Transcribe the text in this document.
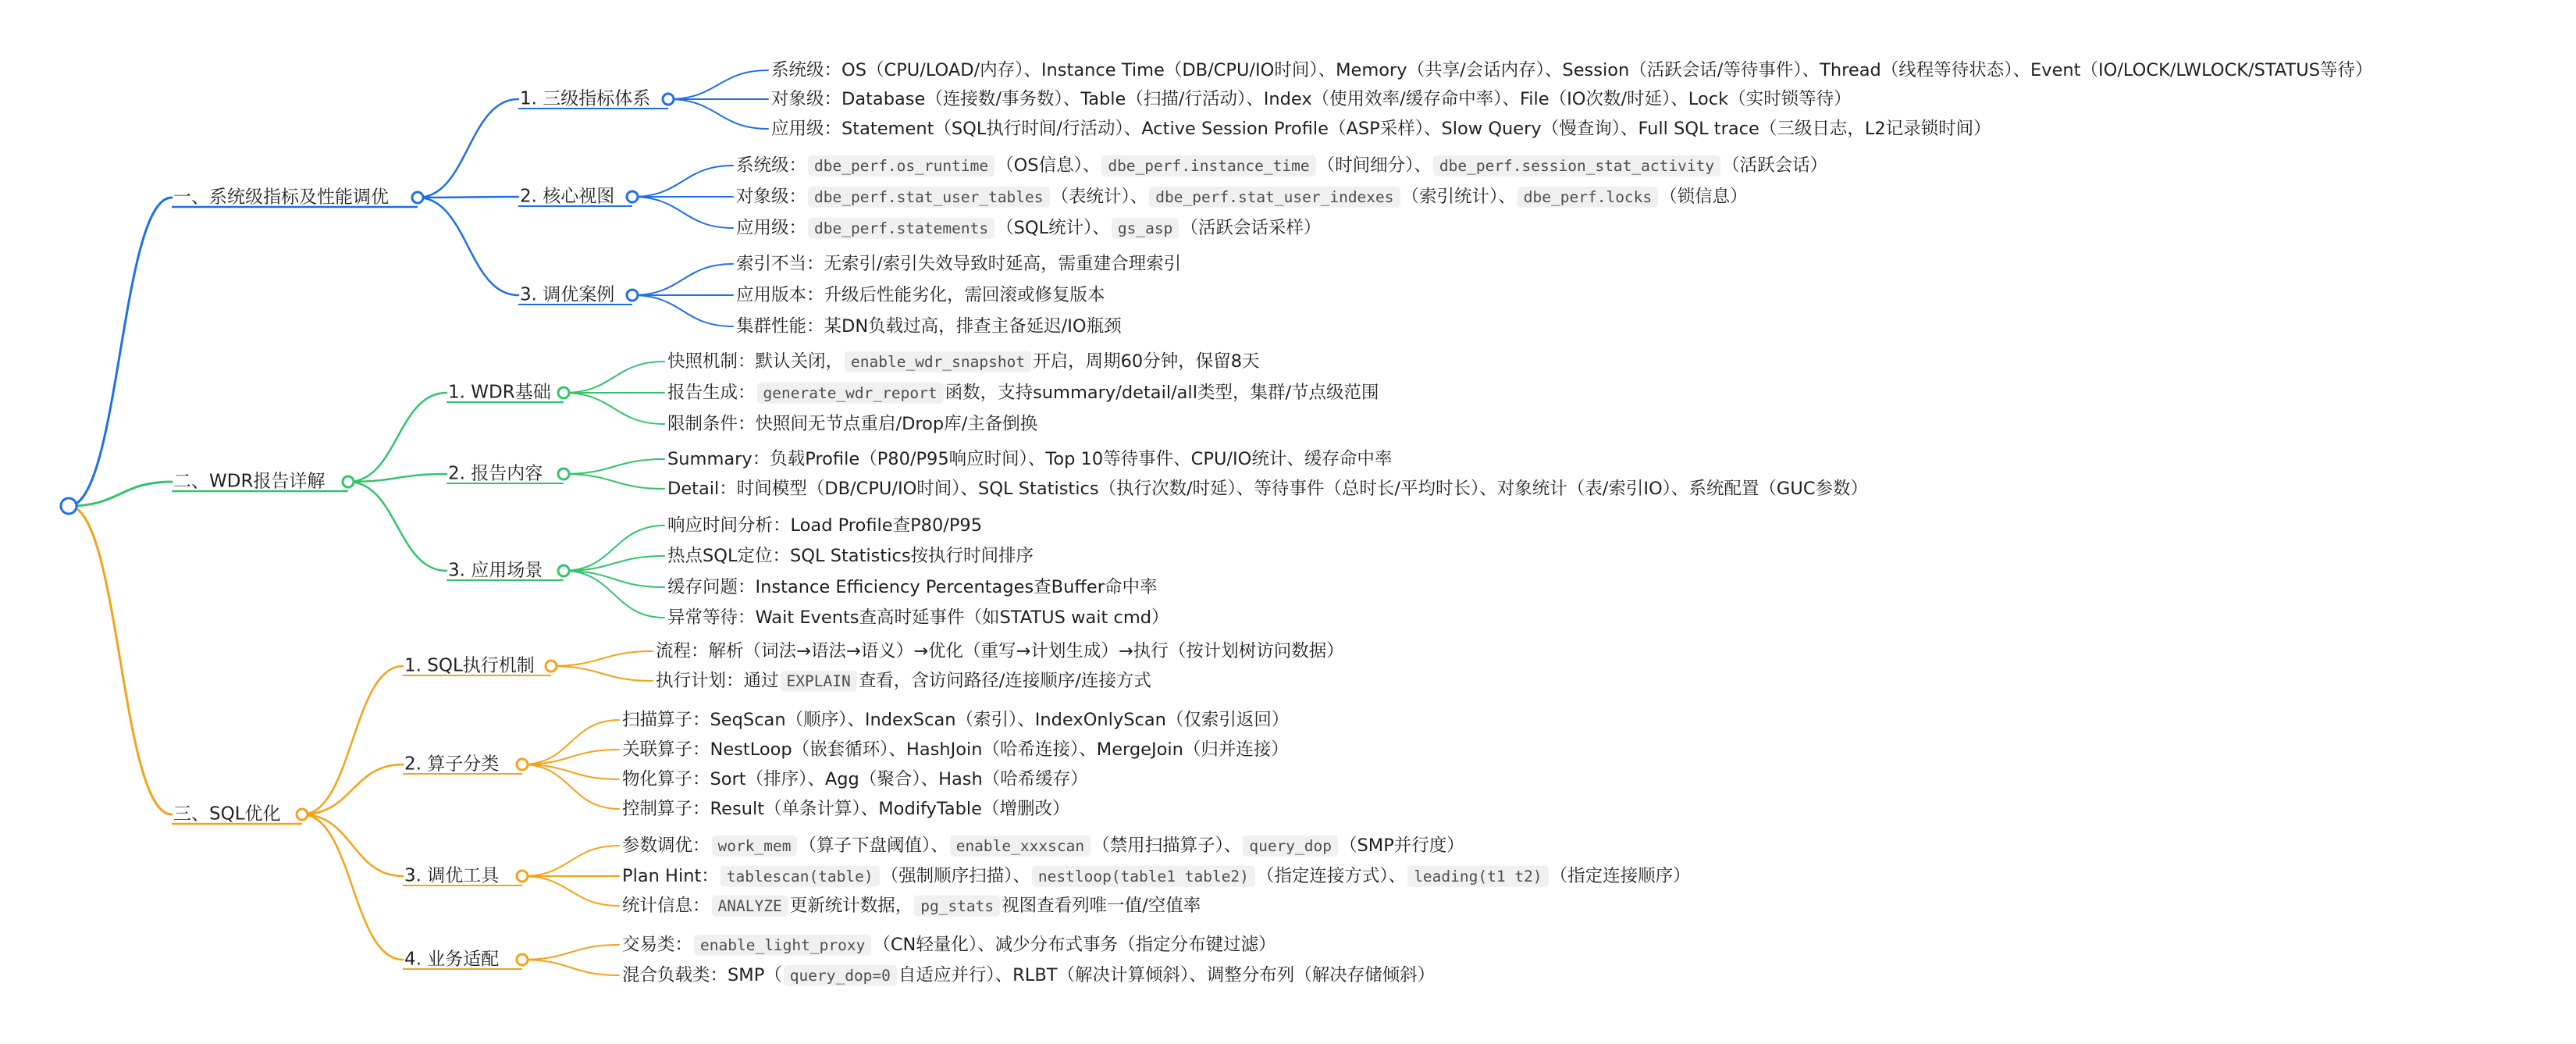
一、系统级指标及性能调优
1. 三级指标体系
系统级：OS（CPU/LOAD/内存）、Instance Time（DB/CPU/IO时间）、Memory（共享/会话内存）、Session（活跃会话/等待事件）、Thread（线程等待状态）、Event（IO/LOCK/LWLOCK/STATUS等待）
对象级：Database（连接数/事务数）、Table（扫描/行活动）、Index（使用效率/缓存命中率）、File（IO次数/时延）、Lock（实时锁等待）
应用级：Statement（SQL执行时间/行活动）、Active Session Profile（ASP采样）、Slow Query（慢查询）、Full SQL trace（三级日志，L2记录锁时间）
2. 核心视图
系统级： dbe_perf.os_runtime （OS信息）、 dbe_perf.instance_time （时间细分）、 dbe_perf.session_stat_activity （活跃会话）
对象级： dbe_perf.stat_user_tables （表统计）、 dbe_perf.stat_user_indexes （索引统计）、 dbe_perf.locks （锁信息）
应用级： dbe_perf.statements （SQL统计）、 gs_asp （活跃会话采样）
3. 调优案例
索引不当：无索引/索引失效导致时延高，需重建合理索引
应用版本：升级后性能劣化，需回滚或修复版本
集群性能：某DN负载过高，排查主备延迟/IO瓶颈
二、WDR报告详解
1. WDR基础
快照机制：默认关闭， enable_wdr_snapshot 开启，周期60分钟，保留8天
报告生成： generate_wdr_report 函数，支持summary/detail/all类型，集群/节点级范围
限制条件：快照间无节点重启/Drop库/主备倒换
2. 报告内容
Summary：负载Profile（P80/P95响应时间）、Top 10等待事件、CPU/IO统计、缓存命中率
Detail：时间模型（DB/CPU/IO时间）、SQL Statistics（执行次数/时延）、等待事件（总时长/平均时长）、对象统计（表/索引IO）、系统配置（GUC参数）
3. 应用场景
响应时间分析：Load Profile查P80/P95
热点SQL定位：SQL Statistics按执行时间排序
缓存问题：Instance Efficiency Percentages查Buffer命中率
异常等待：Wait Events查高时延事件（如STATUS wait cmd）
三、SQL优化
1. SQL执行机制
流程：解析（词法→语法→语义）→优化（重写→计划生成）→执行（按计划树访问数据）
执行计划：通过 EXPLAIN 查看，含访问路径/连接顺序/连接方式
2. 算子分类
扫描算子：SeqScan（顺序）、IndexScan（索引）、IndexOnlyScan（仅索引返回）
关联算子：NestLoop（嵌套循环）、HashJoin（哈希连接）、MergeJoin（归并连接）
物化算子：Sort（排序）、Agg（聚合）、Hash（哈希缓存）
控制算子：Result（单条计算）、ModifyTable（增删改）
3. 调优工具
参数调优： work_mem （算子下盘阈值）、 enable_xxxscan （禁用扫描算子）、 query_dop （SMP并行度）
Plan Hint： tablescan(table) （强制顺序扫描）、 nestloop(table1 table2) （指定连接方式）、 leading(t1 t2) （指定连接顺序）
统计信息： ANALYZE 更新统计数据， pg_stats 视图查看列唯一值/空值率
4. 业务适配
交易类： enable_light_proxy （CN轻量化）、减少分布式事务（指定分布键过滤）
混合负载类：SMP（ query_dop=0 自适应并行）、RLBT（解决计算倾斜）、调整分布列（解决存储倾斜）
